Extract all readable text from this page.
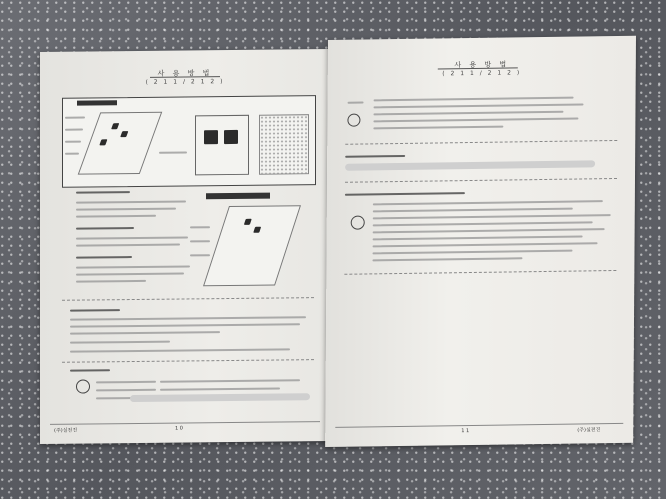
사 용 방 법
( 2 1 1 / 2 1 2 )
(주)실전진	1 0
사 용 방 법
( 2 1 1 / 2 1 2 )
1 1	(주)실전진
